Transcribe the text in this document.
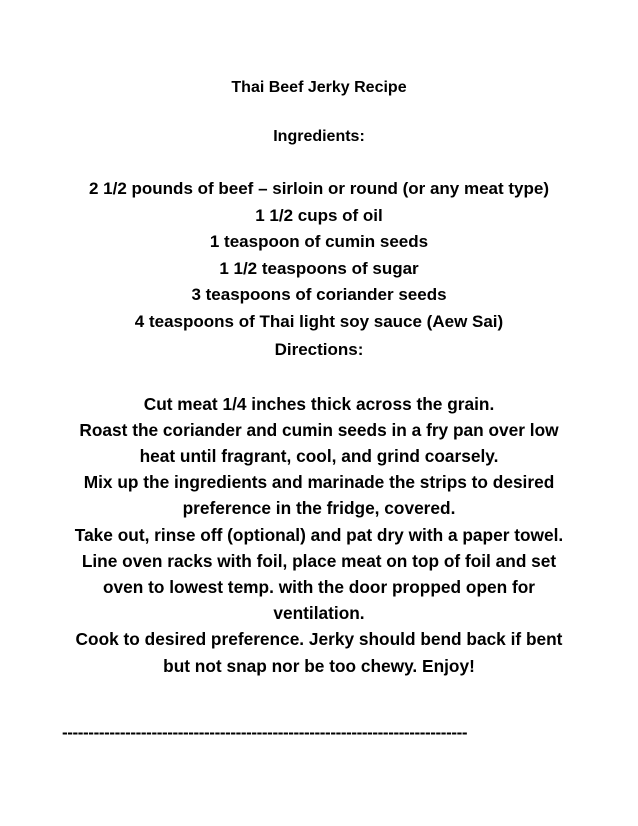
Thai Beef Jerky Recipe
Ingredients:
2 1/2 pounds of beef – sirloin or round (or any meat type)
1 1/2 cups of oil
1 teaspoon of cumin seeds
1 1/2 teaspoons of sugar
3 teaspoons of coriander seeds
4 teaspoons of Thai light soy sauce (Aew Sai)
Directions:
Cut meat 1/4 inches thick across the grain.
Roast the coriander and cumin seeds in a fry pan over low heat until fragrant, cool, and grind coarsely.
Mix up the ingredients and marinade the strips to desired preference in the fridge, covered.
Take out, rinse off (optional) and pat dry with a paper towel.
Line oven racks with foil, place meat on top of foil and set oven to lowest temp. with the door propped open for ventilation.
Cook to desired preference. Jerky should bend back if bent but not snap nor be too chewy. Enjoy!
-----------------------------------------------------------------------------
